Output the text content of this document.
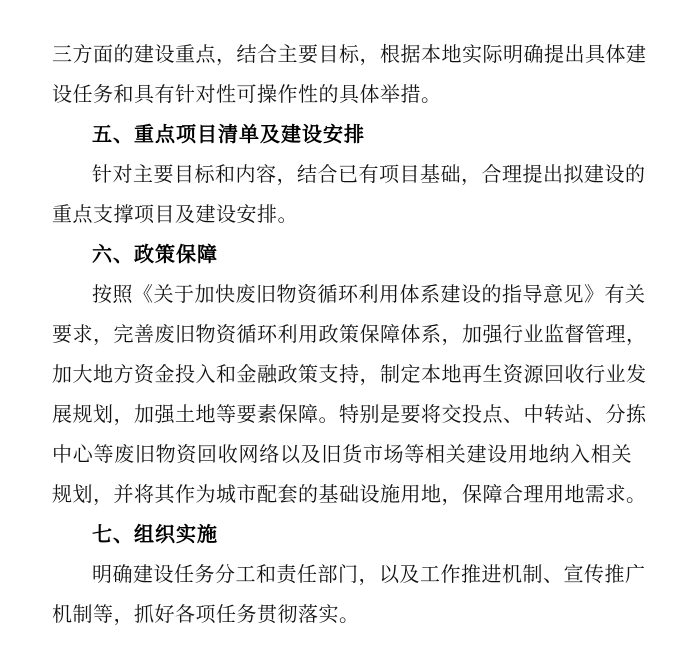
三方面的建设重点，结合主要目标，根据本地实际明确提出具体建
设任务和具有针对性可操作性的具体举措。
五、重点项目清单及建设安排
针对主要目标和内容，结合已有项目基础，合理提出拟建设的
重点支撑项目及建设安排。
六、政策保障
按照《关于加快废旧物资循环利用体系建设的指导意见》有关
要求，完善废旧物资循环利用政策保障体系，加强行业监督管理，
加大地方资金投入和金融政策支持，制定本地再生资源回收行业发
展规划，加强土地等要素保障。特别是要将交投点、中转站、分拣
中心等废旧物资回收网络以及旧货市场等相关建设用地纳入相关
规划，并将其作为城市配套的基础设施用地，保障合理用地需求。
七、组织实施
明确建设任务分工和责任部门，以及工作推进机制、宣传推广
机制等，抓好各项任务贯彻落实。
